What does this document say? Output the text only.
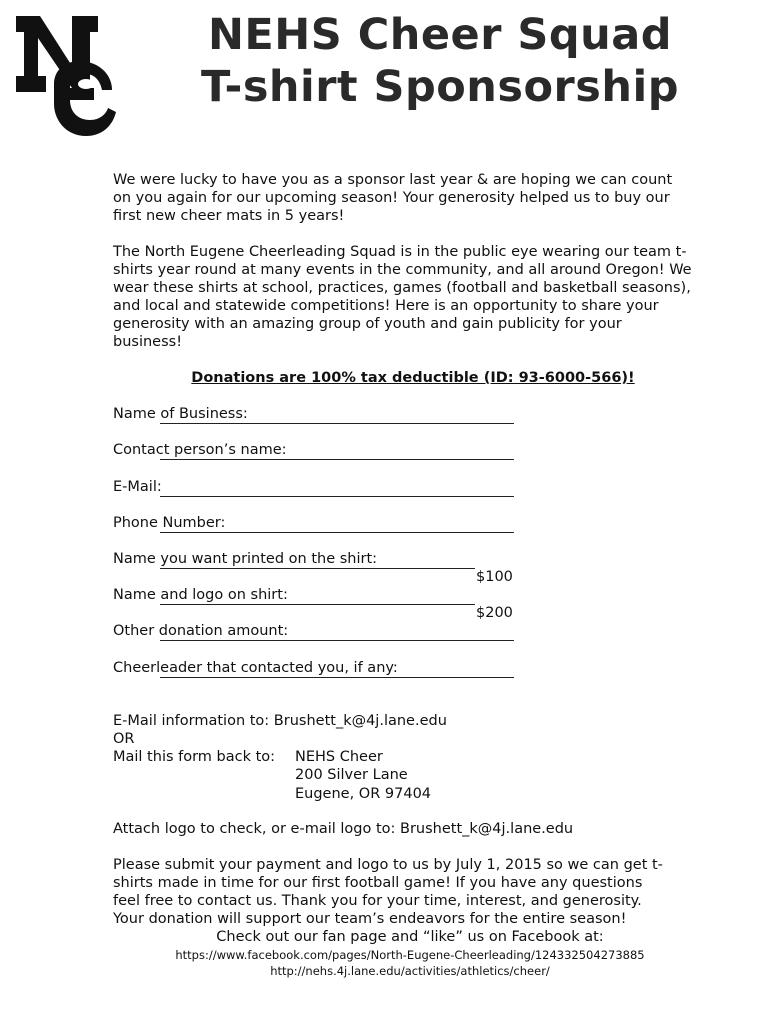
NEHS Cheer Squad
T-shirt Sponsorship

We were lucky to have you as a sponsor last year & are hoping we can count on you again for our upcoming season! Your generosity helped us to buy our first new cheer mats in 5 years!

The North Eugene Cheerleading Squad is in the public eye wearing our team t-shirts year round at many events in the community, and all around Oregon! We wear these shirts at school, practices, games (football and basketball seasons), and local and statewide competitions! Here is an opportunity to share your generosity with an amazing group of youth and gain publicity for your business!

Donations are 100% tax deductible (ID: 93-6000-566)!
Name of Business:
Contact person’s name:
E-Mail:
Phone Number:
Name you want printed on the shirt:
$100
Name and logo on shirt:
$200
Other donation amount:
Cheerleader that contacted you, if any:
E-Mail information to: Brushett_k@4j.lane.edu
OR
Mail this form back to: NEHS Cheer
200 Silver Lane
Eugene, OR 97404
Attach logo to check, or e-mail logo to: Brushett_k@4j.lane.edu
Please submit your payment and logo to us by July 1, 2015 so we can get t-
shirts made in time for our first football game! If you have any questions
feel free to contact us. Thank you for your time, interest, and generosity.
Your donation will support our team’s endeavors for the entire season!
Check out our fan page and “like” us on Facebook at:
https://www.facebook.com/pages/North-Eugene-Cheerleading/124332504273885
http://nehs.4j.lane.edu/activities/athletics/cheer/
